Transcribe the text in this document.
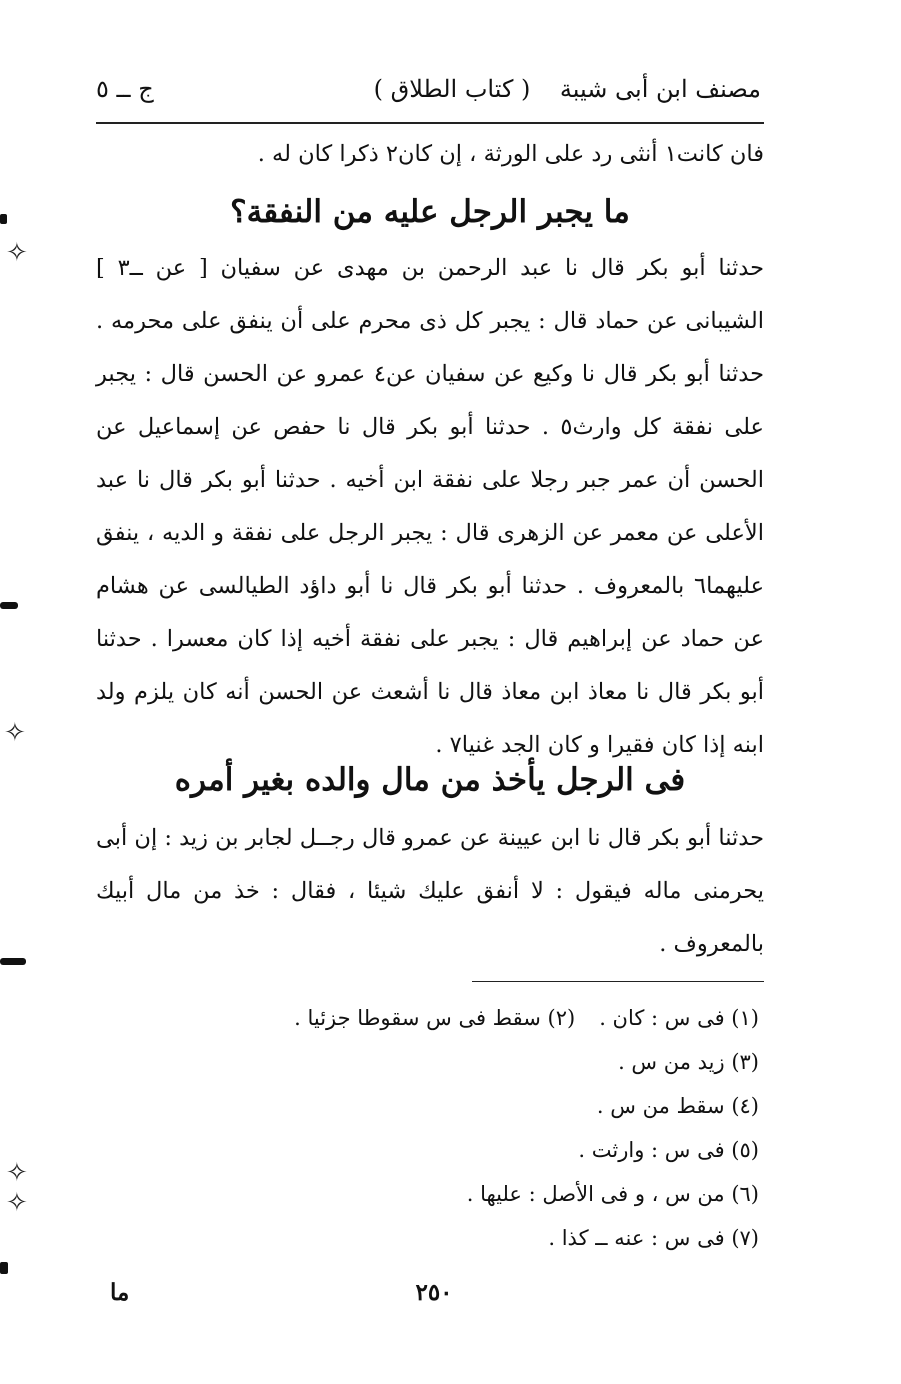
مصنف ابن أبى شيبة
( كتاب الطلاق )
ج ــ ٥
فان كانت١ أنثى رد على الورثة ، إن كان٢ ذكرا كان له .
ما يجبر الرجل عليه من النفقة؟
حدثنا أبو بكر قال نا عبد الرحمن بن مهدى عن سفيان [ عن ــ٣ ] الشيبانى عن حماد قال : يجبر كل ذى محرم على أن ينفق على محرمه . حدثنا أبو بكر قال نا وكيع عن سفيان عن٤ عمرو عن الحسن قال : يجبر على نفقة كل وارث٥ . حدثنا أبو بكر قال نا حفص عن إسماعيل عن الحسن أن عمر جبر رجلا على نفقة ابن أخيه . حدثنا أبو بكر قال نا عبد الأعلى عن معمر عن الزهرى قال : يجبر الرجل على نفقة و الديه ، ينفق عليهما٦ بالمعروف . حدثنا أبو بكر قال نا أبو داؤد الطيالسى عن هشام عن حماد عن إبراهيم قال : يجبر على نفقة أخيه إذا كان معسرا . حدثنا أبو بكر قال نا معاذ ابن معاذ قال نا أشعث عن الحسن أنه كان يلزم ولد ابنه إذا كان فقيرا و كان الجد غنيا٧ .
فى الرجل يأخذ من مال والده بغير أمره
حدثنا أبو بكر قال نا ابن عيينة عن عمرو قال رجــل لجابر بن زيد : إن أبى يحرمنى ماله فيقول : لا أنفق عليك شيئا ، فقال : خذ من مال أبيك بالمعروف .
(١) فى س : كان .(٢) سقط فى س سقوطا جزئيا .
(٣) زيد من س .
(٤) سقط من س .
(٥) فى س : وارثت .
(٦) من س ، و فى الأصل : عليها .
(٧) فى س : عنه ــ كذا .
٢٥٠
ما
✧
✧
✧
✧
